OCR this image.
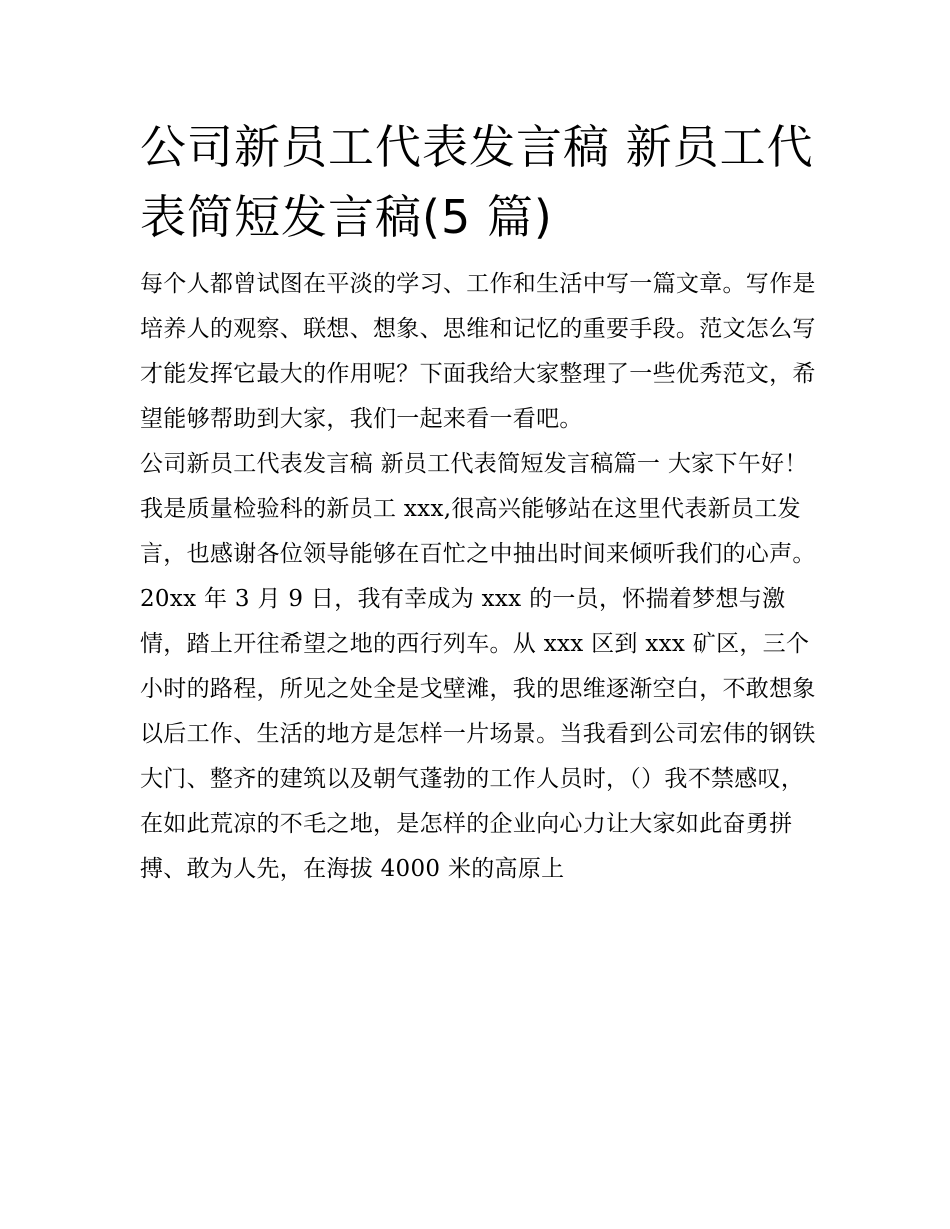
公司新员工代表发言稿 新员工代表简短发言稿(5 篇)

每个人都曾试图在平淡的学习、工作和生活中写一篇文章。写作是培养人的观察、联想、想象、思维和记忆的重要手段。范文怎么写才能发挥它最大的作用呢？下面我给大家整理了一些优秀范文，希望能够帮助到大家，我们一起来看一看吧。

公司新员工代表发言稿 新员工代表简短发言稿篇一 大家下午好！

我是质量检验科的新员工 xxx,很高兴能够站在这里代表新员工发言，也感谢各位领导能够在百忙之中抽出时间来倾听我们的心声。

20xx 年 3 月 9 日，我有幸成为 xxx 的一员，怀揣着梦想与激情，踏上开往希望之地的西行列车。从 xxx 区到 xxx 矿区，三个小时的路程，所见之处全是戈壁滩，我的思维逐渐空白，不敢想象以后工作、生活的地方是怎样一片场景。当我看到公司宏伟的钢铁大门、整齐的建筑以及朝气蓬勃的工作人员时，（）我不禁感叹，在如此荒凉的不毛之地，是怎样的企业向心力让大家如此奋勇拼搏、敢为人先，在海拔 4000 米的高原上
